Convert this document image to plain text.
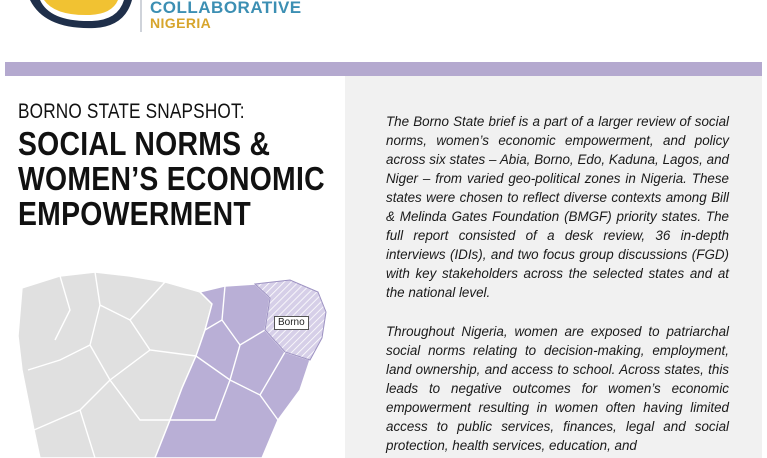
COLLABORATIVE
NIGERIA
BORNO STATE SNAPSHOT:
SOCIAL NORMS &
WOMEN’S ECONOMIC
EMPOWERMENT
Borno

The Borno State brief is a part of a larger review of social norms, women’s economic empowerment, and policy across six states – Abia, Borno, Edo, Kaduna, Lagos, and Niger – from varied geo-political zones in Nigeria. These states were chosen to reflect diverse contexts among Bill & Melinda Gates Foundation (BMGF) priority states. The full report consisted of a desk review, 36 in-depth interviews (IDIs), and two focus group discussions (FGD) with key stakeholders across the selected states and at the national level.

Throughout Nigeria, women are exposed to patriarchal social norms relating to decision-making, employment, land ownership, and access to school. Across states, this leads to negative outcomes for women’s economic empowerment resulting in women often having limited access to public services, finances, legal and social protection, health services, education, and
